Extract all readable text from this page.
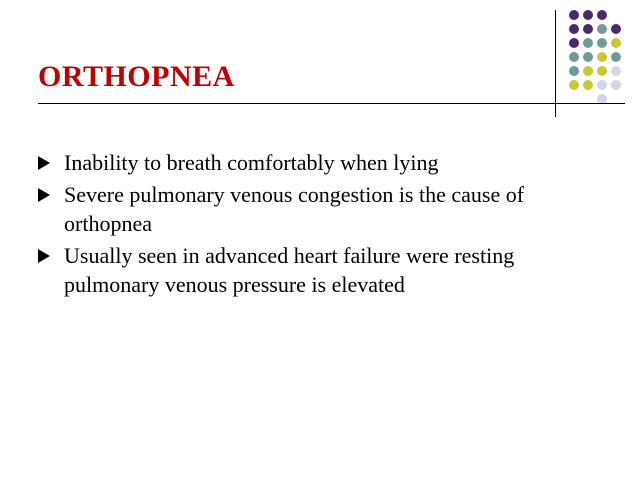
ORTHOPNEA
Inability to breath comfortably when lying
Severe pulmonary venous congestion is the cause of orthopnea
Usually seen in advanced heart failure were resting pulmonary venous pressure is elevated
